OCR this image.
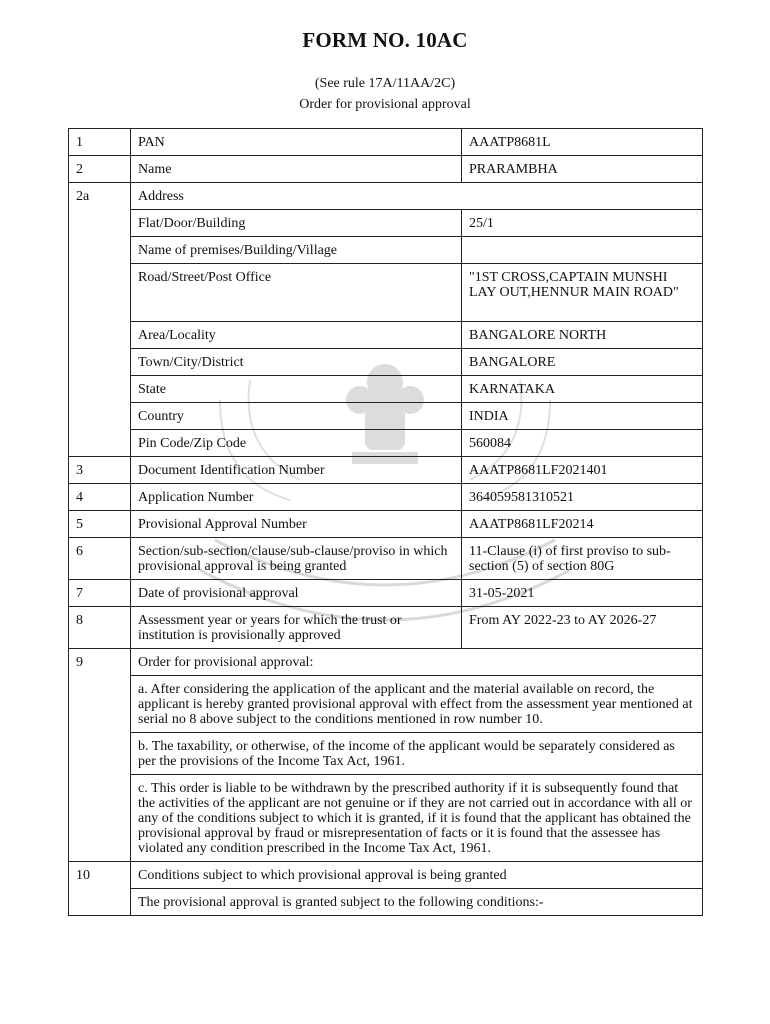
FORM NO. 10AC
(See rule 17A/11AA/2C)
Order for provisional approval
1	PAN	AAATP8681L
2	Name	PRARAMBHA
2a	Address	
	Flat/Door/Building	25/1
	Name of premises/Building/Village	
	Road/Street/Post Office	"1ST CROSS,CAPTAIN MUNSHI LAY OUT,HENNUR MAIN ROAD"
	Area/Locality	BANGALORE NORTH
	Town/City/District	BANGALORE
	State	KARNATAKA
	Country	INDIA
	Pin Code/Zip Code	560084
3	Document Identification Number	AAATP8681LF2021401
4	Application Number	364059581310521
5	Provisional Approval Number	AAATP8681LF20214
6	Section/sub-section/clause/sub-clause/proviso in which provisional approval is being granted	11-Clause (i) of first proviso to sub-section (5) of section 80G
7	Date of provisional approval	31-05-2021
8	Assessment year or years for which the trust or institution is provisionally approved	From AY 2022-23 to AY 2026-27
9	Order for provisional approval:	
	a. After considering the application of the applicant and the material available on record, the applicant is hereby granted provisional approval with effect from the assessment year mentioned at serial no 8 above subject to the conditions mentioned in row number 10.	
	b. The taxability, or otherwise, of the income of the applicant would be separately considered as per the provisions of the Income Tax Act, 1961.	
	c. This order is liable to be withdrawn by the prescribed authority if it is subsequently found that the activities of the applicant are not genuine or if they are not carried out in accordance with all or any of the conditions subject to which it is granted, if it is found that the applicant has obtained the provisional approval by fraud or misrepresentation of facts or it is found that the assessee has violated any condition prescribed in the Income Tax Act, 1961.	
10	Conditions subject to which provisional approval is being granted	
	The provisional approval is granted subject to the following conditions:-	
